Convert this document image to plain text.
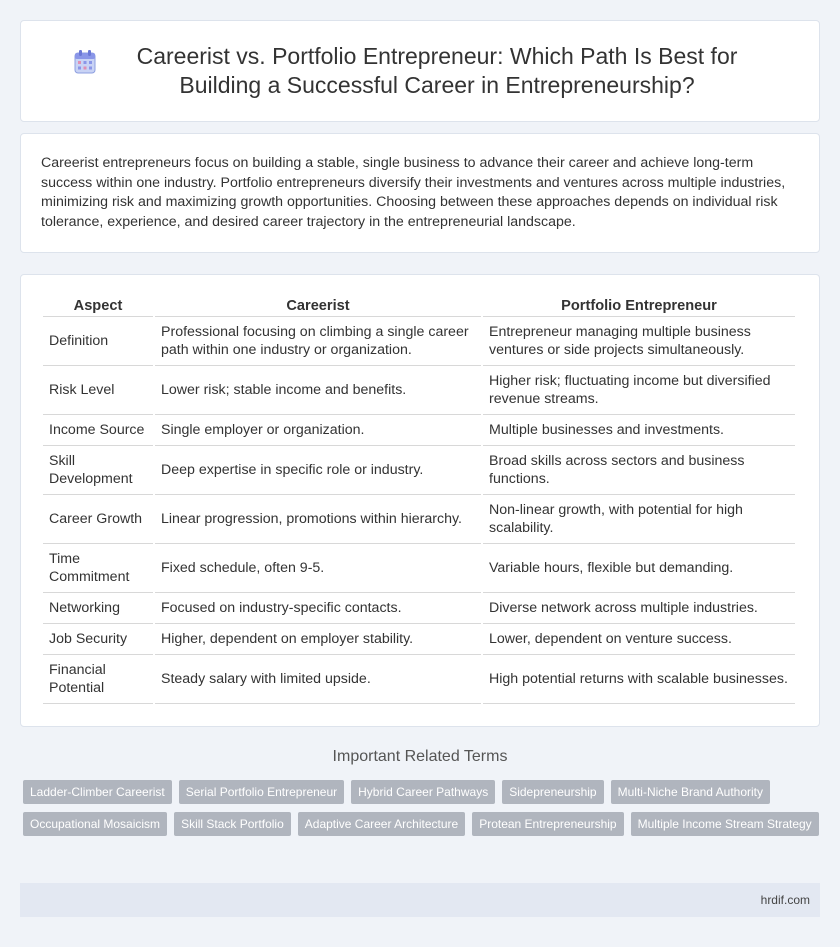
Careerist vs. Portfolio Entrepreneur: Which Path Is Best for Building a Successful Career in Entrepreneurship?

Careerist entrepreneurs focus on building a stable, single business to advance their career and achieve long-term success within one industry. Portfolio entrepreneurs diversify their investments and ventures across multiple industries, minimizing risk and maximizing growth opportunities. Choosing between these approaches depends on individual risk tolerance, experience, and desired career trajectory in the entrepreneurial landscape.

Aspect	Careerist	Portfolio Entrepreneur
Definition	Professional focusing on climbing a single career path within one industry or organization.	Entrepreneur managing multiple business ventures or side projects simultaneously.
Risk Level	Lower risk; stable income and benefits.	Higher risk; fluctuating income but diversified revenue streams.
Income Source	Single employer or organization.	Multiple businesses and investments.
Skill Development	Deep expertise in specific role or industry.	Broad skills across sectors and business functions.
Career Growth	Linear progression, promotions within hierarchy.	Non-linear growth, with potential for high scalability.
Time Commitment	Fixed schedule, often 9-5.	Variable hours, flexible but demanding.
Networking	Focused on industry-specific contacts.	Diverse network across multiple industries.
Job Security	Higher, dependent on employer stability.	Lower, dependent on venture success.
Financial Potential	Steady salary with limited upside.	High potential returns with scalable businesses.
Important Related Terms
Ladder-Climber Careerist	Serial Portfolio Entrepreneur	Hybrid Career Pathways	Sidepreneurship	Multi-Niche Brand Authority
Occupational Mosaicism	Skill Stack Portfolio	Adaptive Career Architecture	Protean Entrepreneurship	Multiple Income Stream Strategy
hrdif.com
